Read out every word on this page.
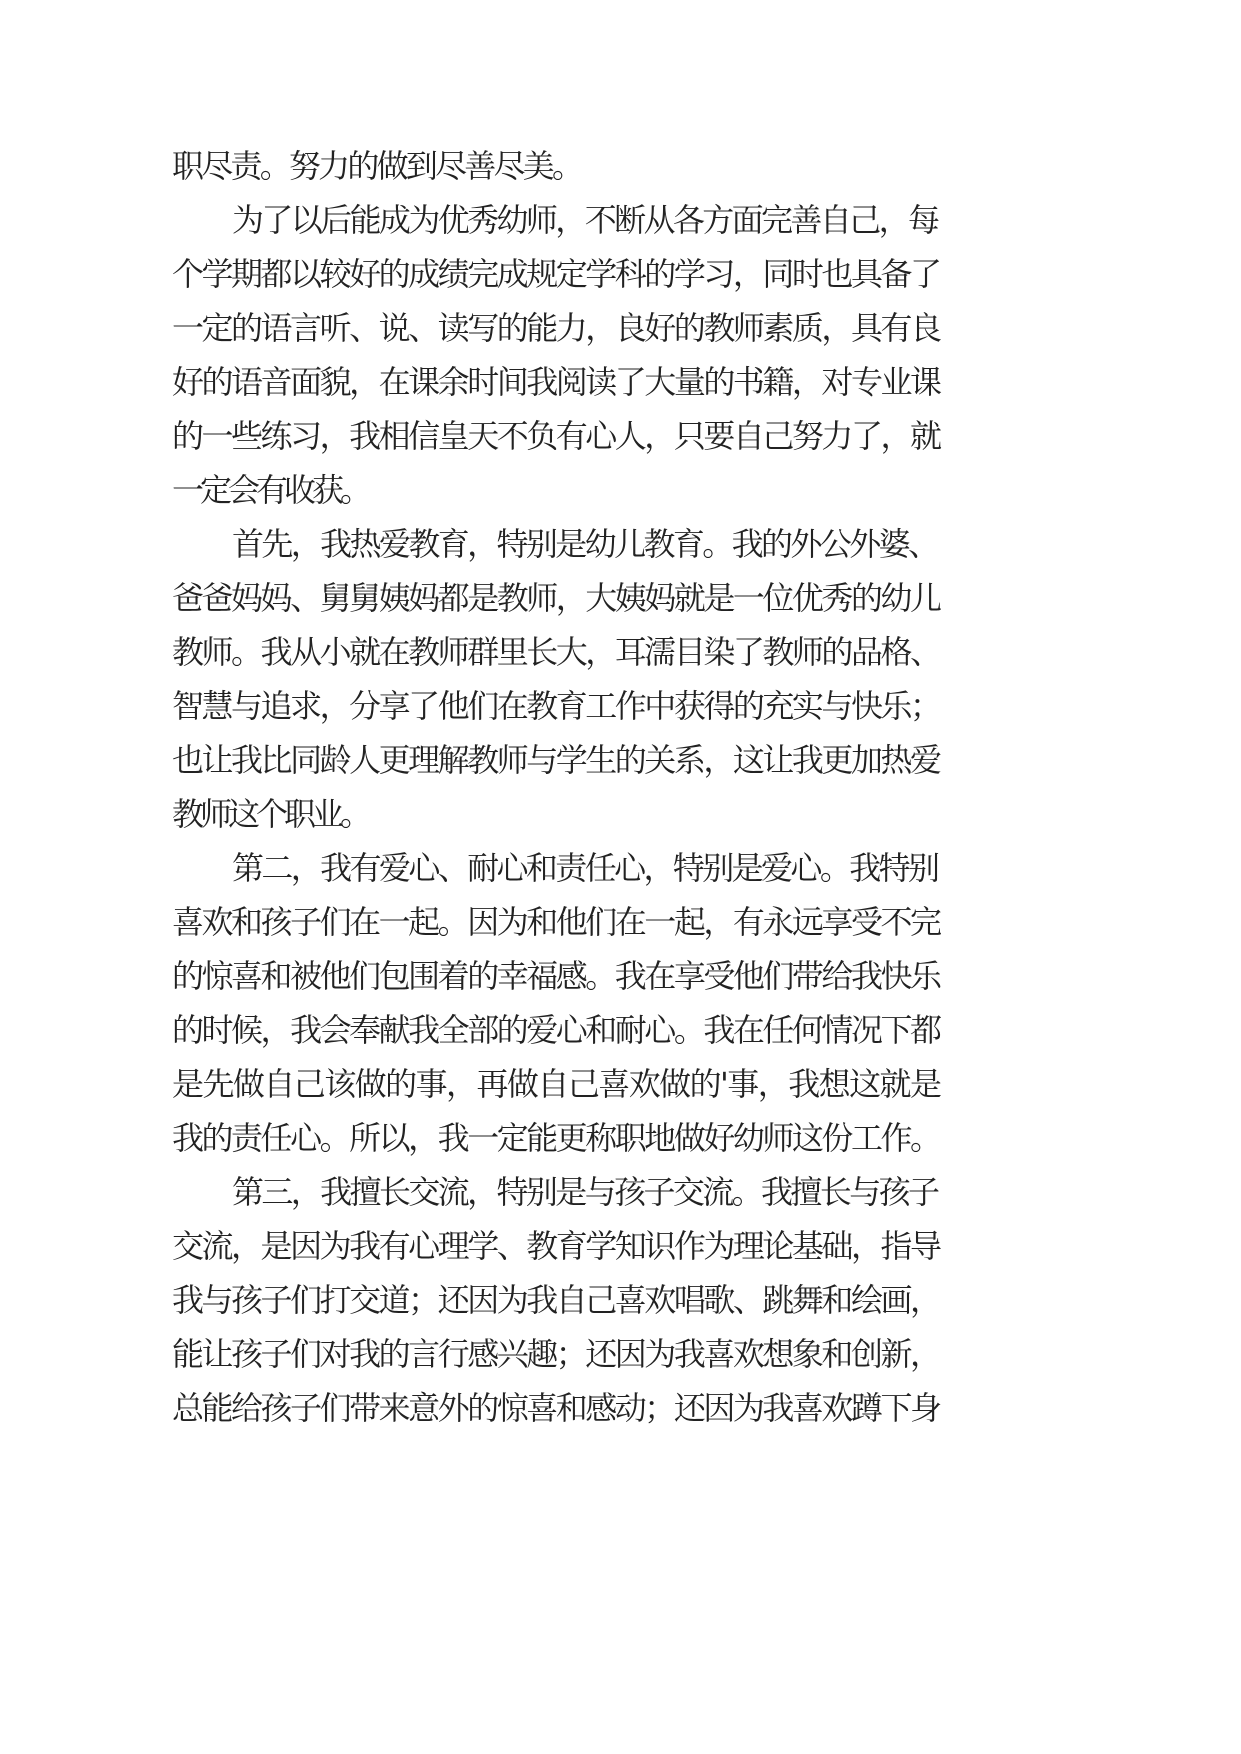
职尽责。努力的做到尽善尽美。
为了以后能成为优秀幼师，不断从各方面完善自己，每
个学期都以较好的成绩完成规定学科的学习，同时也具备了
一定的语言听、说、读写的能力，良好的教师素质，具有良
好的语音面貌，在课余时间我阅读了大量的书籍，对专业课
的一些练习，我相信皇天不负有心人，只要自己努力了，就
一定会有收获。
首先，我热爱教育，特别是幼儿教育。我的外公外婆、
爸爸妈妈、舅舅姨妈都是教师，大姨妈就是一位优秀的幼儿
教师。我从小就在教师群里长大，耳濡目染了教师的品格、
智慧与追求，分享了他们在教育工作中获得的充实与快乐；
也让我比同龄人更理解教师与学生的关系，这让我更加热爱
教师这个职业。
第二，我有爱心、耐心和责任心，特别是爱心。我特别
喜欢和孩子们在一起。因为和他们在一起，有永远享受不完
的惊喜和被他们包围着的幸福感。我在享受他们带给我快乐
的时候，我会奉献我全部的爱心和耐心。我在任何情况下都
是先做自己该做的事，再做自己喜欢做的'事，我想这就是
我的责任心。所以，我一定能更称职地做好幼师这份工作。
第三，我擅长交流，特别是与孩子交流。我擅长与孩子
交流，是因为我有心理学、教育学知识作为理论基础，指导
我与孩子们打交道；还因为我自己喜欢唱歌、跳舞和绘画，
能让孩子们对我的言行感兴趣；还因为我喜欢想象和创新，
总能给孩子们带来意外的惊喜和感动；还因为我喜欢蹲下身
